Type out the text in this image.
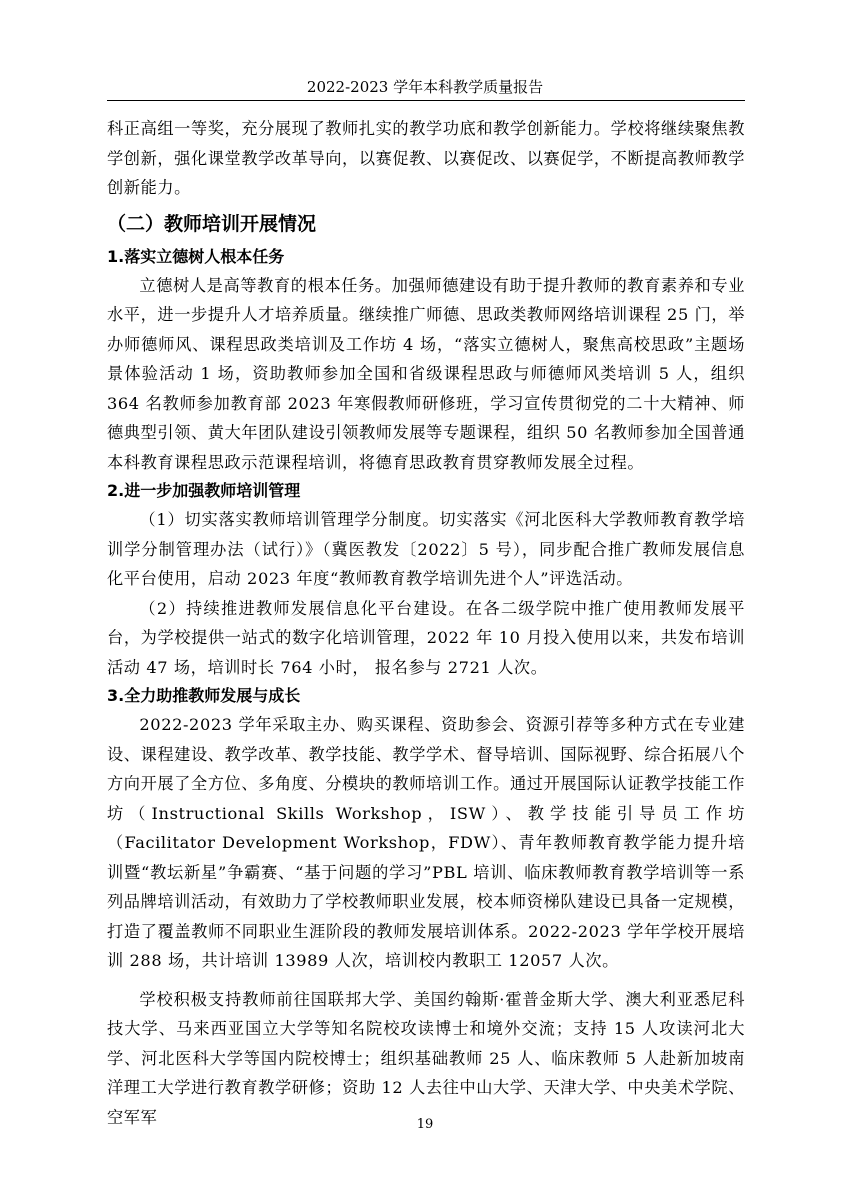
2022-2023 学年本科教学质量报告

科正高组一等奖，充分展现了教师扎实的教学功底和教学创新能力。学校将继续聚焦教学创新，强化课堂教学改革导向，以赛促教、以赛促改、以赛促学，不断提高教师教学创新能力。

（二）教师培训开展情况
1.落实立德树人根本任务

立德树人是高等教育的根本任务。加强师德建设有助于提升教师的教育素养和专业水平，进一步提升人才培养质量。继续推广师德、思政类教师网络培训课程 25 门，举办师德师风、课程思政类培训及工作坊 4 场，“落实立德树人，聚焦高校思政”主题场景体验活动 1 场，资助教师参加全国和省级课程思政与师德师风类培训 5 人，组织 364 名教师参加教育部 2023 年寒假教师研修班，学习宣传贯彻党的二十大精神、师德典型引领、黄大年团队建设引领教师发展等专题课程，组织 50 名教师参加全国普通本科教育课程思政示范课程培训，将德育思政教育贯穿教师发展全过程。

2.进一步加强教师培训管理

（1）切实落实教师培训管理学分制度。切实落实《河北医科大学教师教育教学培训学分制管理办法（试行）》（冀医教发〔2022〕5 号），同步配合推广教师发展信息化平台使用，启动 2023 年度“教师教育教学培训先进个人”评选活动。

（2）持续推进教师发展信息化平台建设。在各二级学院中推广使用教师发展平台，为学校提供一站式的数字化培训管理，2022 年 10 月投入使用以来，共发布培训活动 47 场，培训时长 764 小时， 报名参与 2721 人次。

3.全力助推教师发展与成长

2022-2023 学年采取主办、购买课程、资助参会、资源引荐等多种方式在专业建设、课程建设、教学改革、教学技能、教学学术、督导培训、国际视野、综合拓展八个方向开展了全方位、多角度、分模块的教师培训工作。通过开展国际认证教学技能工作坊（Instructional Skills Workshop，ISW）、教学技能引导员工作坊（Facilitator Development Workshop，FDW）、青年教师教育教学能力提升培训暨“教坛新星”争霸赛、“基于问题的学习”PBL 培训、临床教师教育教学培训等一系列品牌培训活动，有效助力了学校教师职业发展，校本师资梯队建设已具备一定规模，打造了覆盖教师不同职业生涯阶段的教师发展培训体系。2022-2023 学年学校开展培训 288 场，共计培训 13989 人次，培训校内教职工 12057 人次。

学校积极支持教师前往国联邦大学、美国约翰斯·霍普金斯大学、澳大利亚悉尼科技大学、马来西亚国立大学等知名院校攻读博士和境外交流；支持 15 人攻读河北大学、河北医科大学等国内院校博士；组织基础教师 25 人、临床教师 5 人赴新加坡南洋理工大学进行教育教学研修；资助 12 人去往中山大学、天津大学、中央美术学院、空军军	19
